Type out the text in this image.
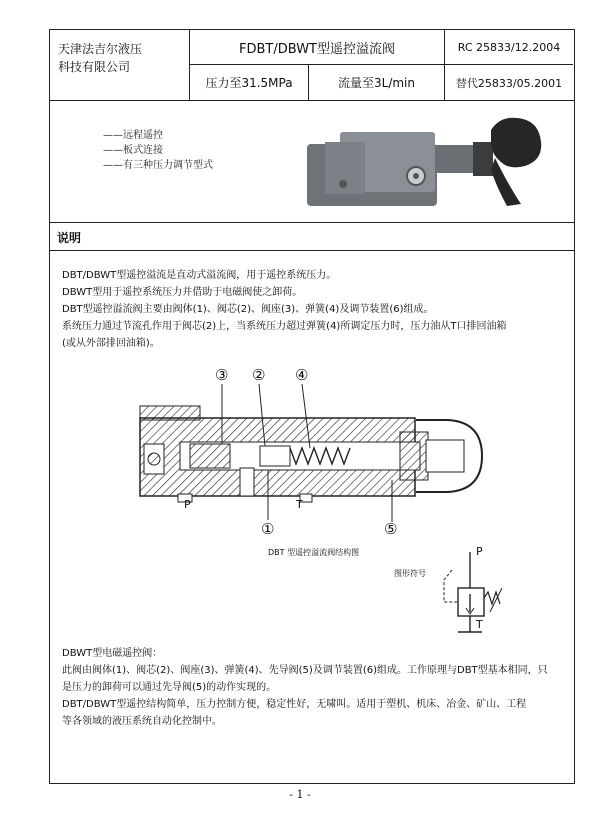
天津法吉尔液压
科技有限公司
FDBT/DBWT型遥控溢流阀	RC 25833/12.2004
压力至31.5MPa	流量至3L/min	替代25833/05.2001
——远程遥控
——板式连接
——有三种压力调节型式
说明
DBT/DBWT型遥控溢流是直动式溢流阀，用于遥控系统压力。
DBWT型用于遥控系统压力并借助于电磁阀使之卸荷。
DBT型遥控溢流阀主要由阀体(1)、阀芯(2)、阀座(3)、弹簧(4)及调节装置(6)组成。
系统压力通过节流孔作用于阀芯(2)上，当系统压力超过弹簧(4)所调定压力时，压力油从T口排回油箱
(或从外部排回油箱)。
③ ② ④
①	⑤
P	T
DBT 型遥控溢流阀结构图
图形符号
P
T
DBWT型电磁遥控阀：
此阀由阀体(1)、阀芯(2)、阀座(3)、弹簧(4)、先导阀(5)及调节装置(6)组成。工作原理与DBT型基本相同，只
是压力的卸荷可以通过先导阀(5)的动作实现的。
DBT/DBWT型遥控结构简单，压力控制方便，稳定性好，无啸叫。适用于塑机、机床、冶金、矿山、工程
等各领域的液压系统自动化控制中。
- 1 -
